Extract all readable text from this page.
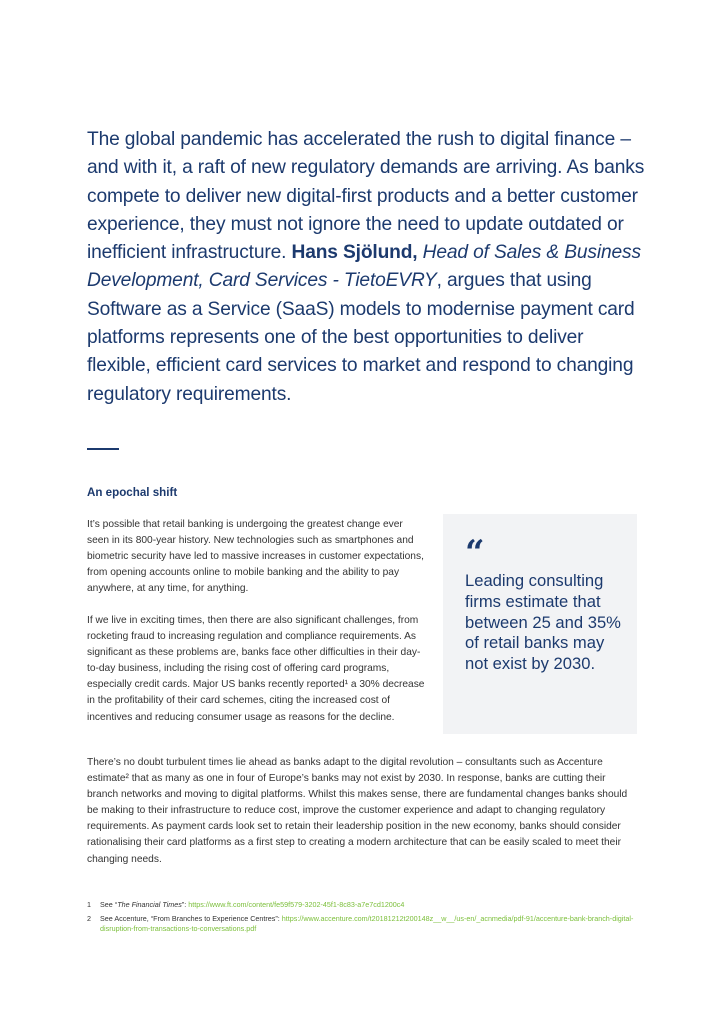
The global pandemic has accelerated the rush to digital finance – and with it, a raft of new regulatory demands are arriving. As banks compete to deliver new digital-first products and a better customer experience, they must not ignore the need to update outdated or inefficient infrastructure. Hans Sjölund, Head of Sales & Business Development, Card Services - TietoEVRY, argues that using Software as a Service (SaaS) models to modernise payment card platforms represents one of the best opportunities to deliver flexible, efficient card services to market and respond to changing regulatory requirements.
An epochal shift
It’s possible that retail banking is undergoing the greatest change ever seen in its 800-year history. New technologies such as smartphones and biometric security have led to massive increases in customer expectations, from opening accounts online to mobile banking and the ability to pay anywhere, at any time, for anything.
If we live in exciting times, then there are also significant challenges, from rocketing fraud to increasing regulation and compliance requirements. As significant as these problems are, banks face other difficulties in their day-to-day business, including the rising cost of offering card programs, especially credit cards. Major US banks recently reported¹ a 30% decrease in the profitability of their card schemes, citing the increased cost of incentives and reducing consumer usage as reasons for the decline.
“
Leading consulting firms estimate that between 25 and 35% of retail banks may not exist by 2030.
There’s no doubt turbulent times lie ahead as banks adapt to the digital revolution – consultants such as Accenture estimate² that as many as one in four of Europe’s banks may not exist by 2030. In response, banks are cutting their branch networks and moving to digital platforms. Whilst this makes sense, there are fundamental changes banks should be making to their infrastructure to reduce cost, improve the customer experience and adapt to changing regulatory requirements. As payment cards look set to retain their leadership position in the new economy, banks should consider rationalising their card platforms as a first step to creating a modern architecture that can be easily scaled to meet their changing needs.
1	See “The Financial Times”: https://www.ft.com/content/fe59f579-3202-45f1-8c83-a7e7cd1200c4
2	See Accenture, “From Branches to Experience Centres”: https://www.accenture.com/t20181212t200148z__w__/us-en/_acnmedia/pdf-91/accenture-bank-branch-digital-disruption-from-transactions-to-conversations.pdf
